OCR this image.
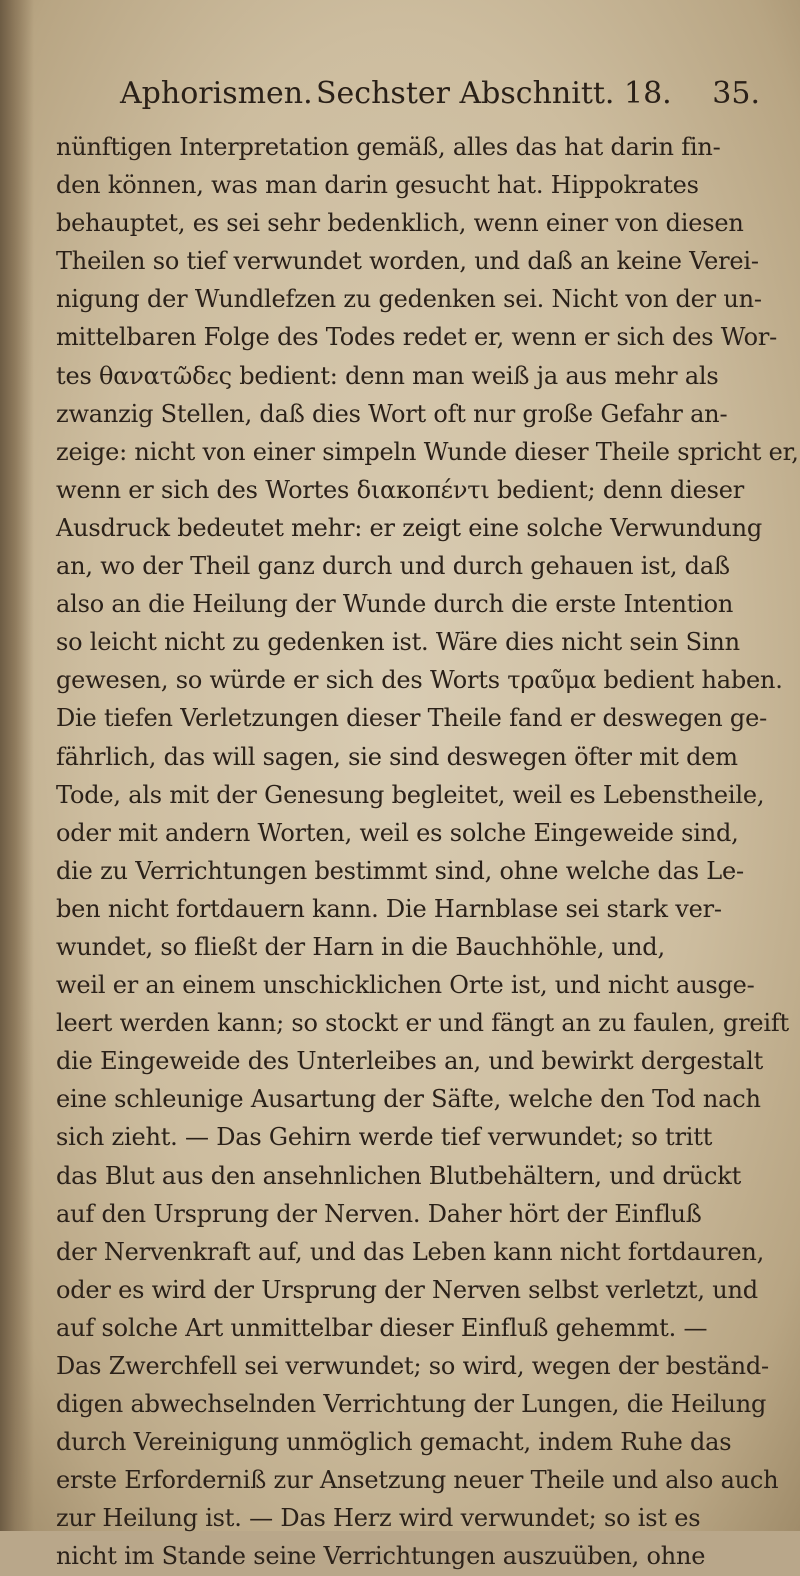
Aphorismen. Sechster Abschnitt. 18. 35.
nünftigen Interpretation gemäß, alles das hat darin fin-
den können, was man darin gesucht hat. Hippokrates
behauptet, es sei sehr bedenklich, wenn einer von diesen
Theilen so tief verwundet worden, und daß an keine Verei-
nigung der Wundlefzen zu gedenken sei. Nicht von der un-
mittelbaren Folge des Todes redet er, wenn er sich des Wor-
tes θανατῶδες bedient: denn man weiß ja aus mehr als
zwanzig Stellen, daß dies Wort oft nur große Gefahr an-
zeige: nicht von einer simpeln Wunde dieser Theile spricht er,
wenn er sich des Wortes διακοπέντι bedient; denn dieser
Ausdruck bedeutet mehr: er zeigt eine solche Verwundung
an, wo der Theil ganz durch und durch gehauen ist, daß
also an die Heilung der Wunde durch die erste Intention
so leicht nicht zu gedenken ist. Wäre dies nicht sein Sinn
gewesen, so würde er sich des Worts τραῦμα bedient haben.
Die tiefen Verletzungen dieser Theile fand er deswegen ge-
fährlich, das will sagen, sie sind deswegen öfter mit dem
Tode, als mit der Genesung begleitet, weil es Lebenstheile,
oder mit andern Worten, weil es solche Eingeweide sind,
die zu Verrichtungen bestimmt sind, ohne welche das Le-
ben nicht fortdauern kann. Die Harnblase sei stark ver-
wundet, so fließt der Harn in die Bauchhöhle, und,
weil er an einem unschicklichen Orte ist, und nicht ausge-
leert werden kann; so stockt er und fängt an zu faulen, greift
die Eingeweide des Unterleibes an, und bewirkt dergestalt
eine schleunige Ausartung der Säfte, welche den Tod nach
sich zieht. — Das Gehirn werde tief verwundet; so tritt
das Blut aus den ansehnlichen Blutbehältern, und drückt
auf den Ursprung der Nerven. Daher hört der Einfluß
der Nervenkraft auf, und das Leben kann nicht fortdauren,
oder es wird der Ursprung der Nerven selbst verletzt, und
auf solche Art unmittelbar dieser Einfluß gehemmt. —
Das Zwerchfell sei verwundet; so wird, wegen der beständ-
digen abwechselnden Verrichtung der Lungen, die Heilung
durch Vereinigung unmöglich gemacht, indem Ruhe das
erste Erforderniß zur Ansetzung neuer Theile und also auch
zur Heilung ist. — Das Herz wird verwundet; so ist es
nicht im Stande seine Verrichtungen auszuüben, ohne
